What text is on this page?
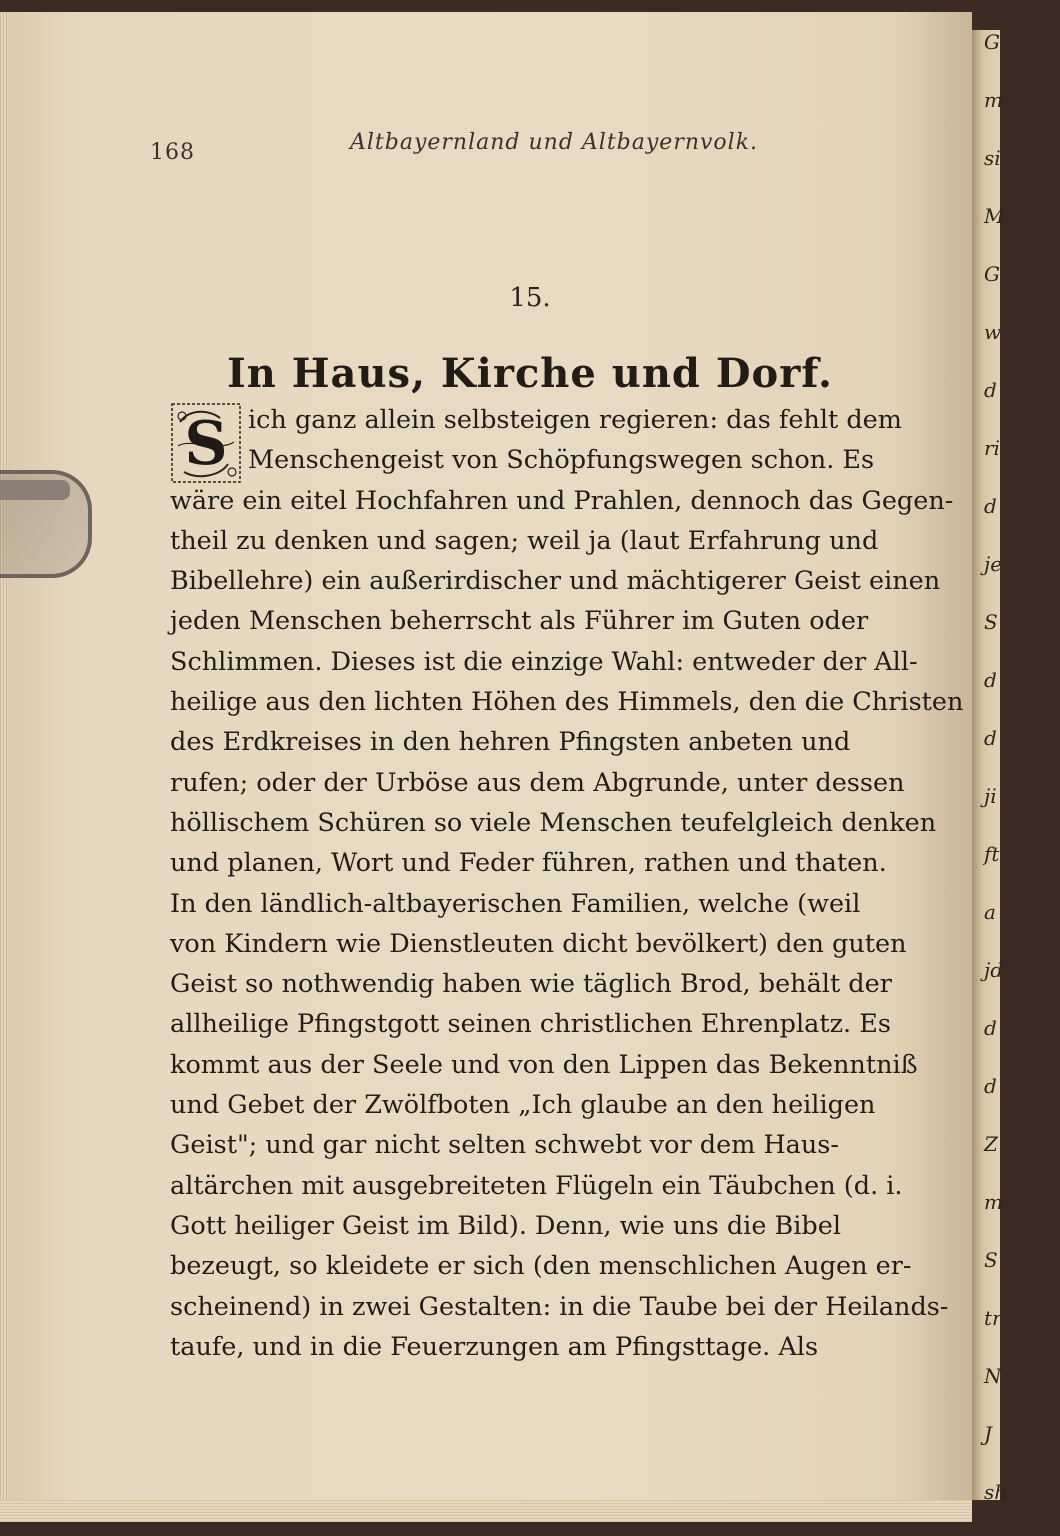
G
m
si
M
G
w
d
ri
d
je
S
d
d
ji
ft
a
jd
d
d
Z
m
S
tr
N
J
sh
168	Altbayernland und Altbayernvolk.
15.
In Haus, Kirche und Dorf.
S ich ganz allein selbsteigen regieren: das fehlt dem
Menschengeist von Schöpfungswegen schon. Es
wäre ein eitel Hochfahren und Prahlen, dennoch das Gegen-
theil zu denken und sagen; weil ja (laut Erfahrung und
Bibellehre) ein außerirdischer und mächtigerer Geist einen
jeden Menschen beherrscht als Führer im Guten oder
Schlimmen. Dieses ist die einzige Wahl: entweder der All-
heilige aus den lichten Höhen des Himmels, den die Christen
des Erdkreises in den hehren Pfingsten anbeten und
rufen; oder der Urböse aus dem Abgrunde, unter dessen
höllischem Schüren so viele Menschen teufelgleich denken
und planen, Wort und Feder führen, rathen und thaten.
In den ländlich-altbayerischen Familien, welche (weil
von Kindern wie Dienstleuten dicht bevölkert) den guten
Geist so nothwendig haben wie täglich Brod, behält der
allheilige Pfingstgott seinen christlichen Ehrenplatz. Es
kommt aus der Seele und von den Lippen das Bekenntniß
und Gebet der Zwölfboten „Ich glaube an den heiligen
Geist"; und gar nicht selten schwebt vor dem Haus-
altärchen mit ausgebreiteten Flügeln ein Täubchen (d. i.
Gott heiliger Geist im Bild). Denn, wie uns die Bibel
bezeugt, so kleidete er sich (den menschlichen Augen er-
scheinend) in zwei Gestalten: in die Taube bei der Heilands-
taufe, und in die Feuerzungen am Pfingsttage. Als
